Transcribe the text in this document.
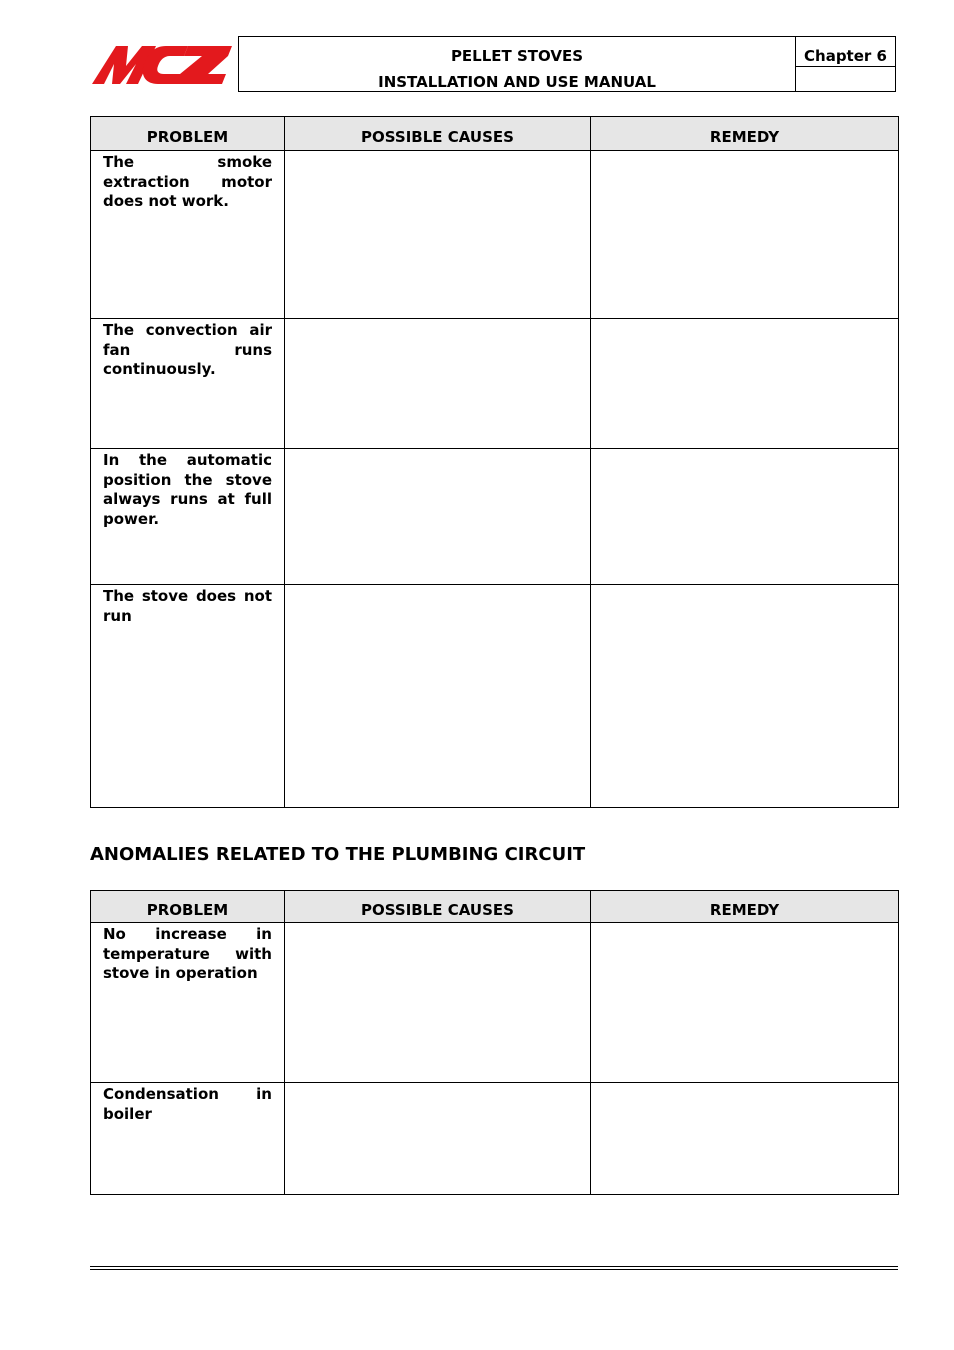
PELLET STOVES
INSTALLATION AND USE MANUAL
Chapter 6
PROBLEM	POSSIBLE CAUSES	REMEDY

The smoke extraction motor does not work.		

The convection air fan runs continuously.		

In the automatic position the stove always runs at full power.		

The stove does not run		

ANOMALIES RELATED TO THE PLUMBING CIRCUIT
PROBLEM	POSSIBLE CAUSES	REMEDY

No increase in temperature with stove in operation		

Condensation in boiler		
